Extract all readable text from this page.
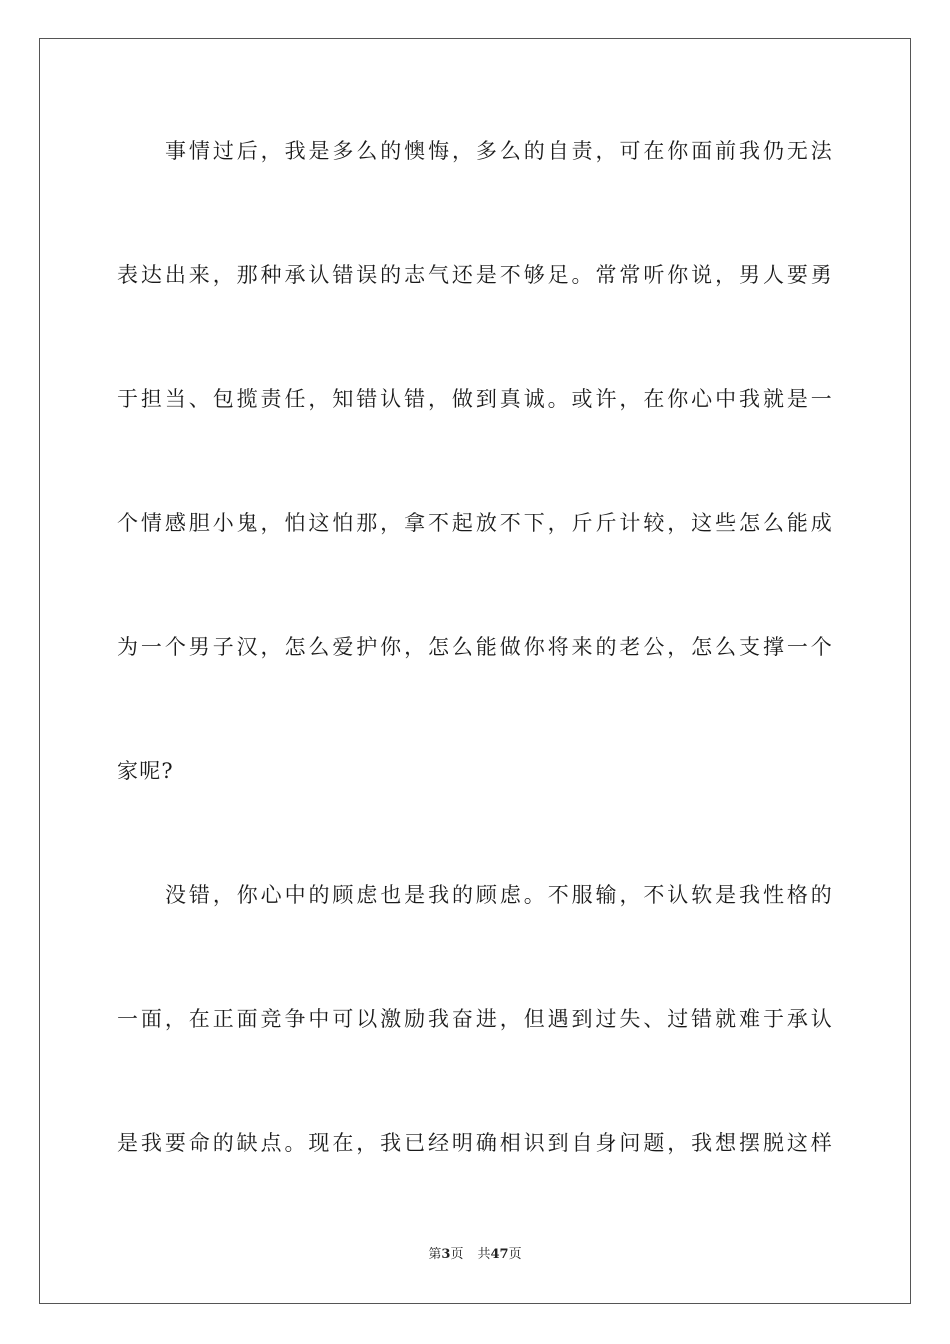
事情过后，我是多么的懊悔，多么的自责，可在你面前我仍无法
表达出来，那种承认错误的志气还是不够足。常常听你说，男人要勇
于担当、包揽责任，知错认错，做到真诚。或许，在你心中我就是一
个情感胆小鬼，怕这怕那，拿不起放不下，斤斤计较，这些怎么能成
为一个男子汉，怎么爱护你，怎么能做你将来的老公，怎么支撑一个
家呢?
没错，你心中的顾虑也是我的顾虑。不服输，不认软是我性格的
一面，在正面竞争中可以激励我奋进，但遇到过失、过错就难于承认
是我要命的缺点。现在，我已经明确相识到自身问题，我想摆脱这样
第3页 共47页
